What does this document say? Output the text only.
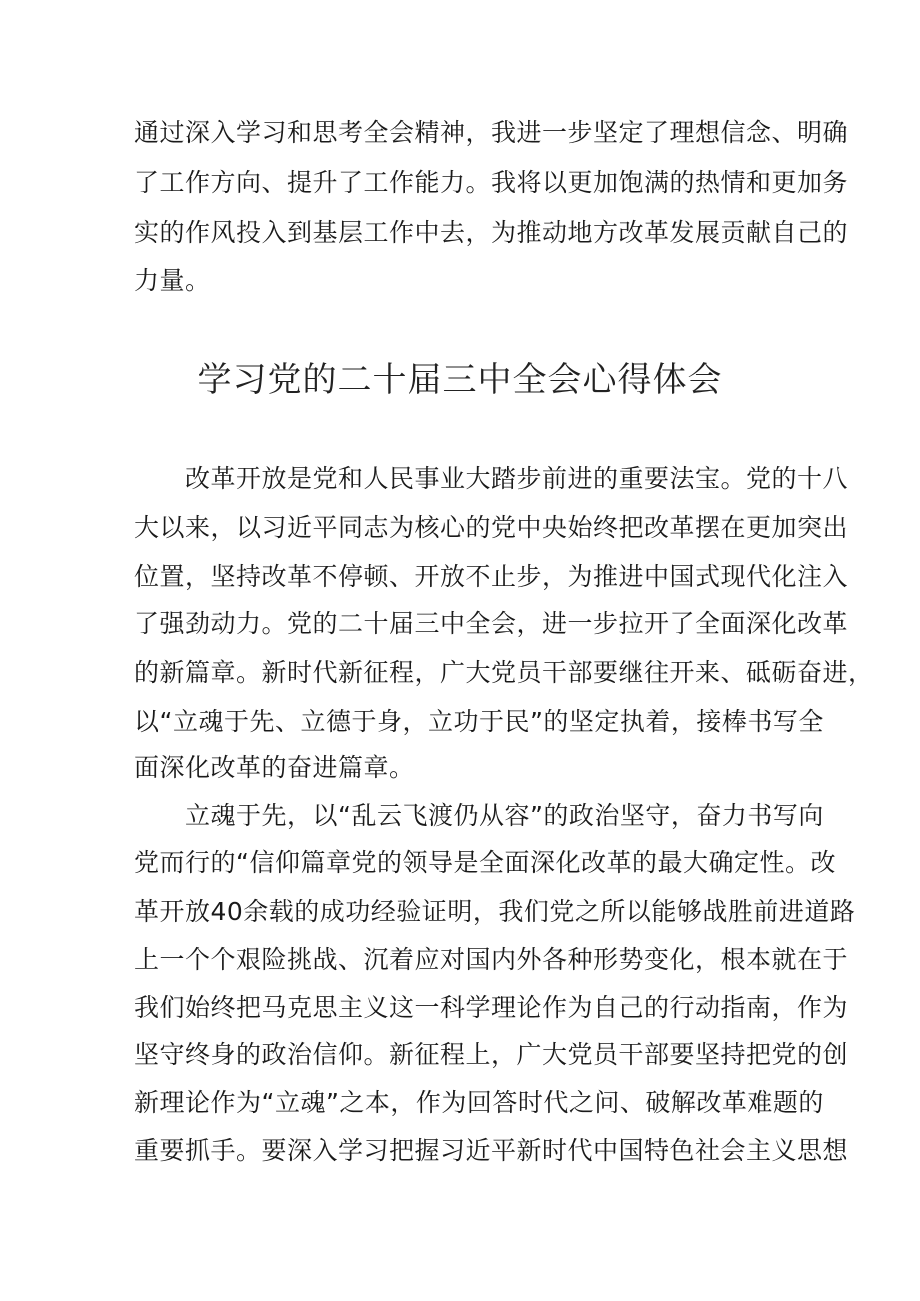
通过深入学习和思考全会精神，我进一步坚定了理想信念、明确
了工作方向、提升了工作能力。我将以更加饱满的热情和更加务
实的作风投入到基层工作中去，为推动地方改革发展贡献自己的
力量。
学习党的二十届三中全会心得体会
　　改革开放是党和人民事业大踏步前进的重要法宝。党的十八
大以来，以习近平同志为核心的党中央始终把改革摆在更加突出
位置，坚持改革不停顿、开放不止步，为推进中国式现代化注入
了强劲动力。党的二十届三中全会，进一步拉开了全面深化改革
的新篇章。新时代新征程，广大党员干部要继往开来、砥砺奋进，
以“立魂于先、立德于身，立功于民”的坚定执着，接棒书写全
面深化改革的奋进篇章。
　　立魂于先，以“乱云飞渡仍从容”的政治坚守，奋力书写向
党而行的“信仰篇章党的领导是全面深化改革的最大确定性。改
革开放40余载的成功经验证明，我们党之所以能够战胜前进道路
上一个个艰险挑战、沉着应对国内外各种形势变化，根本就在于
我们始终把马克思主义这一科学理论作为自己的行动指南，作为
坚守终身的政治信仰。新征程上，广大党员干部要坚持把党的创
新理论作为“立魂”之本，作为回答时代之问、破解改革难题的
重要抓手。要深入学习把握习近平新时代中国特色社会主义思想
